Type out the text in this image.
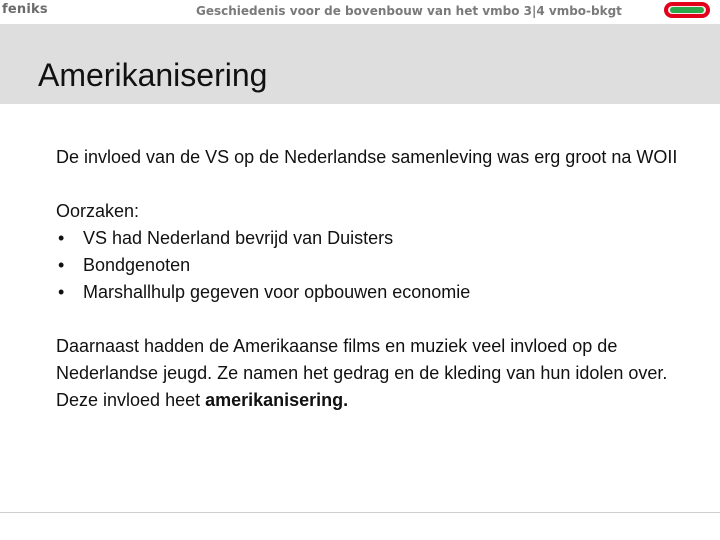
feniks	Geschiedenis voor de bovenbouw van het vmbo 3|4 vmbo-bkgt
Amerikanisering

De invloed van de VS op de Nederlandse samenleving was erg groot na WOII

Oorzaken:

• VS had Nederland bevrijd van Duisters
• Bondgenoten
• Marshallhulp gegeven voor opbouwen economie

Daarnaast hadden de Amerikaanse films en muziek veel invloed op de Nederlandse jeugd. Ze namen het gedrag en de kleding van hun idolen over. Deze invloed heet amerikanisering.
